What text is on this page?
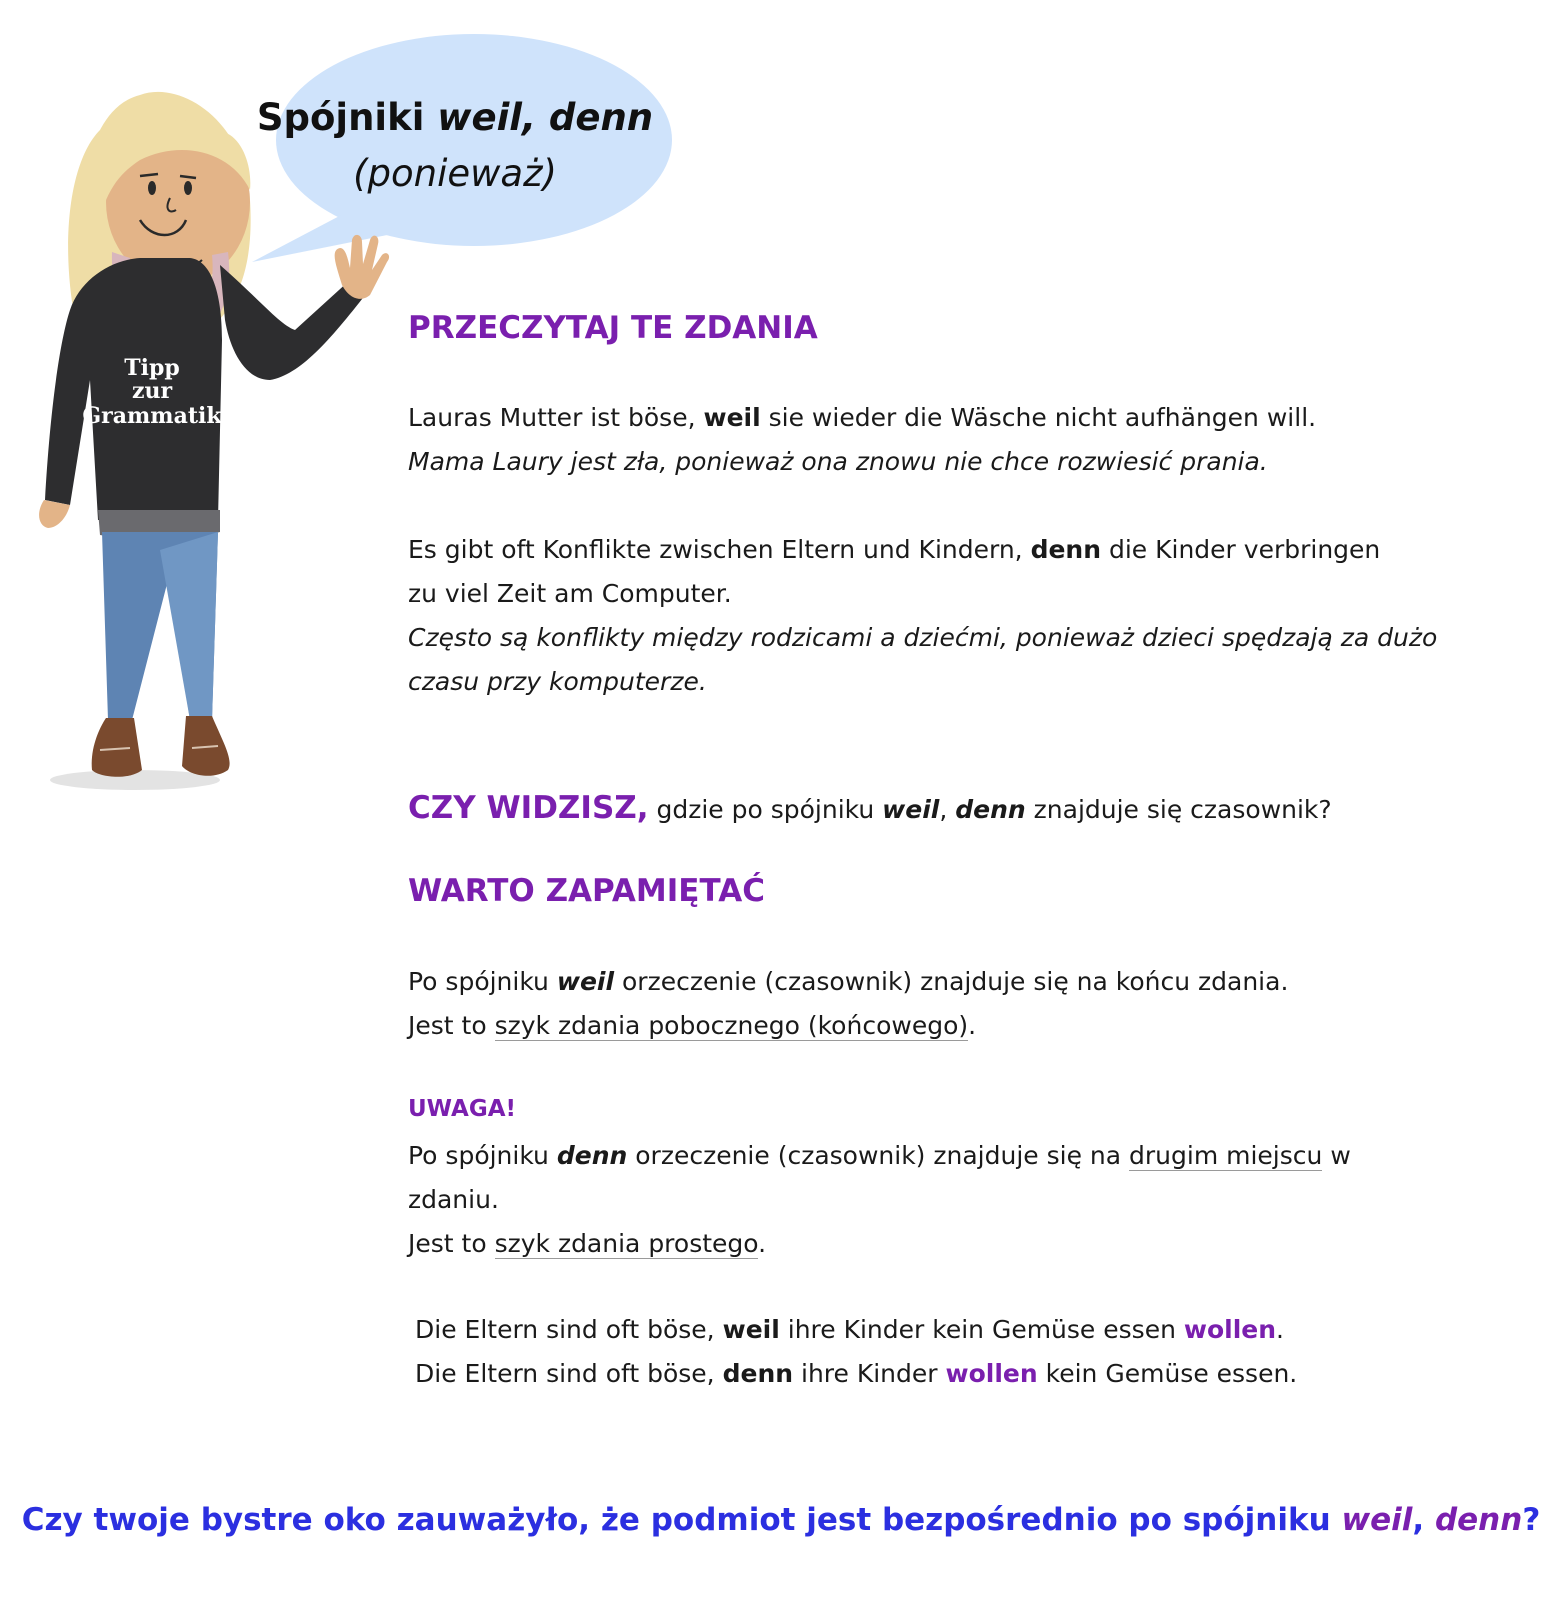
Spójniki weil, denn
(ponieważ)
Tipp
zur
Grammatik
PRZECZYTAJ TE ZDANIA
Lauras Mutter ist böse, weil sie wieder die Wäsche nicht aufhängen will.
Mama Laury jest zła, ponieważ ona znowu nie chce rozwiesić prania.
Es gibt oft Konflikte zwischen Eltern und Kindern, denn die Kinder verbringen
zu viel Zeit am Computer.
Często są konflikty między rodzicami a dziećmi, ponieważ dzieci spędzają za dużo
czasu przy komputerze.
CZY WIDZISZ, gdzie po spójniku weil, denn znajduje się czasownik?
WARTO ZAPAMIĘTAĆ
Po spójniku weil orzeczenie (czasownik) znajduje się na końcu zdania.
Jest to szyk zdania pobocznego (końcowego).
UWAGA!
Po spójniku denn orzeczenie (czasownik) znajduje się na drugim miejscu w
zdaniu.
Jest to szyk zdania prostego.
Die Eltern sind oft böse, weil ihre Kinder kein Gemüse essen wollen.
Die Eltern sind oft böse, denn ihre Kinder wollen kein Gemüse essen.
Czy twoje bystre oko zauważyło, że podmiot jest bezpośrednio po spójniku weil, denn?
